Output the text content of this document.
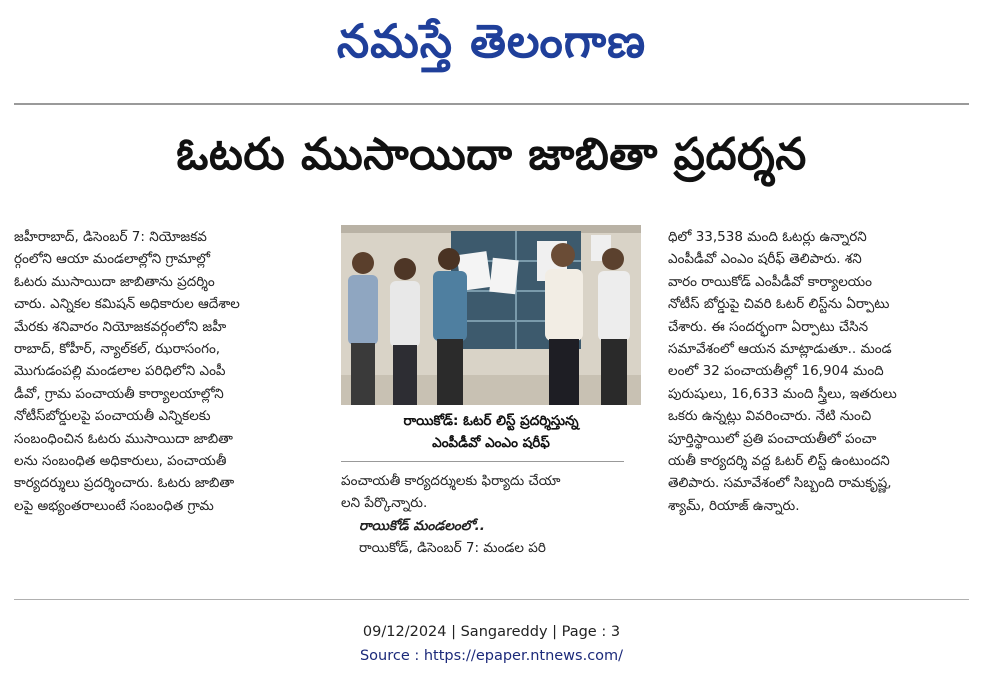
నమస్తే తెలంగాణ
ఓటరు ముసాయిదా జాబితా ప్రదర్శన

జహీరాబాద్, డిసెంబర్ 7: నియోజకవ

ర్గంలోని ఆయా మండలాల్లోని గ్రామాల్లో

ఓటరు ముసాయిదా జాబితాను ప్రదర్శిం

చారు. ఎన్నికల కమిషన్ అధికారుల ఆదేశాల

మేరకు శనివారం నియోజకవర్గంలోని జహీ

రాబాద్, కోహీర్, న్యాల్‌కల్, ఝరాసంగం,

మొగుడంపల్లి మండలాల పరిధిలోని ఎంపీ

డీవో, గ్రామ పంచాయతీ కార్యాలయాల్లోని

నోటీస్‌బోర్డులపై పంచాయతీ ఎన్నికలకు

సంబంధించిన ఓటరు ముసాయిదా జాబితా

లను సంబంధిత అధికారులు, పంచాయతీ

కార్యదర్శులు ప్రదర్శించారు. ఓటరు జాబితా

లపై అభ్యంతరాలుంటే సంబంధిత గ్రామ

రాయికోడ్: ఓటర్ లిస్ట్ ప్రదర్శిస్తున్న

ఎంపీడీవో ఎంఎం షరీఫ్

పంచాయతీ కార్యదర్శులకు ఫిర్యాదు చేయా

లని పేర్కొన్నారు.

రాయికోడ్ మండలంలో..

రాయికోడ్, డిసెంబర్ 7: మండల పరి

ధిలో 33,538 మంది ఓటర్లు ఉన్నారని

ఎంపీడీవో ఎంఎం షరీఫ్ తెలిపారు. శని

వారం రాయికోడ్ ఎంపీడీవో కార్యాలయం

నోటీస్ బోర్డుపై చివరి ఓటర్ లిస్ట్‌ను ఏర్పాటు

చేశారు. ఈ సందర్భంగా ఏర్పాటు చేసిన

సమావేశంలో ఆయన మాట్లాడుతూ.. మండ

లంలో 32 పంచాయతీల్లో 16,904 మంది

పురుషులు, 16,633 మంది స్త్రీలు, ఇతరులు

ఒకరు ఉన్నట్లు వివరించారు. నేటి నుంచి

పూర్తిస్థాయిలో ప్రతి పంచాయతీలో పంచా

యతీ కార్యదర్శి వద్ద ఓటర్ లిస్ట్ ఉంటుందని

తెలిపారు. సమావేశంలో సిబ్బంది రామకృష్ణ,

శ్యామ్, రియాజ్ ఉన్నారు.

09/12/2024 | Sangareddy | Page : 3
Source : https://epaper.ntnews.com/
